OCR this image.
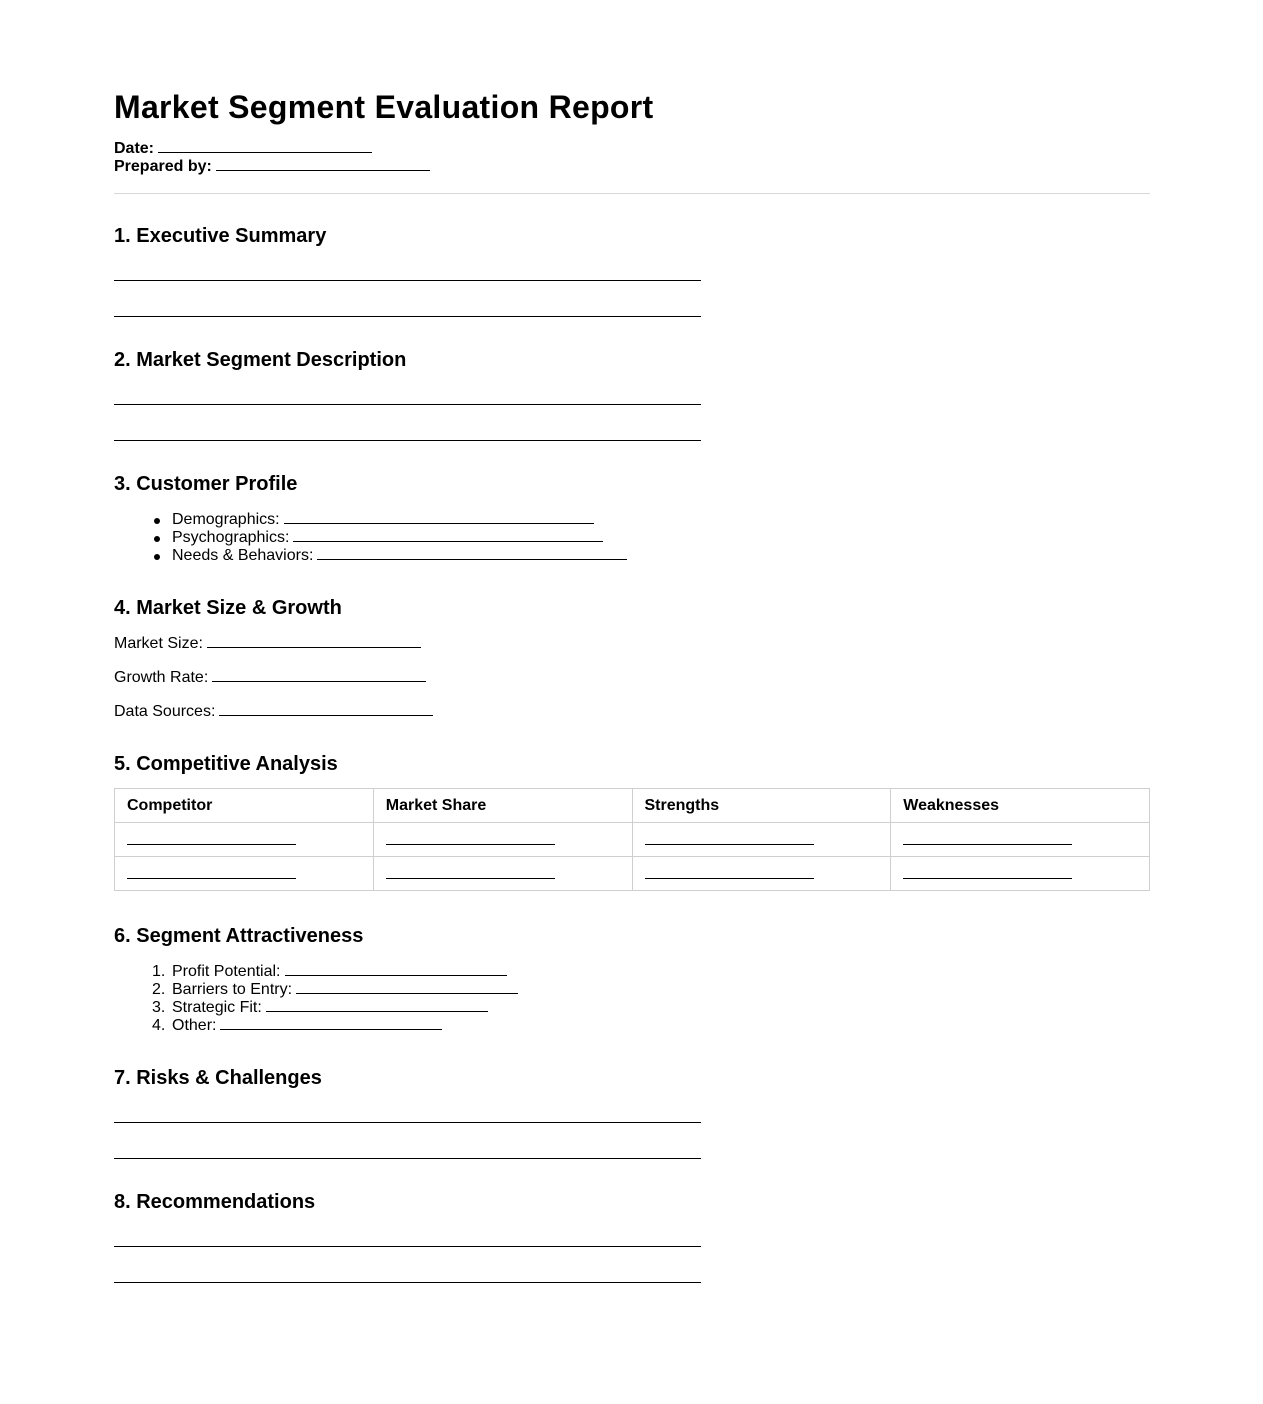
Market Segment Evaluation Report
Date:
Prepared by:
1. Executive Summary
2. Market Segment Description
3. Customer Profile
Demographics:
Psychographics:
Needs & Behaviors:
4. Market Size & Growth
Market Size:
Growth Rate:
Data Sources:
5. Competitive Analysis
Competitor	Market Share	Strengths	Weaknesses

6. Segment Attractiveness
1. Profit Potential:
2. Barriers to Entry:
3. Strategic Fit:
4. Other:
7. Risks & Challenges
8. Recommendations
